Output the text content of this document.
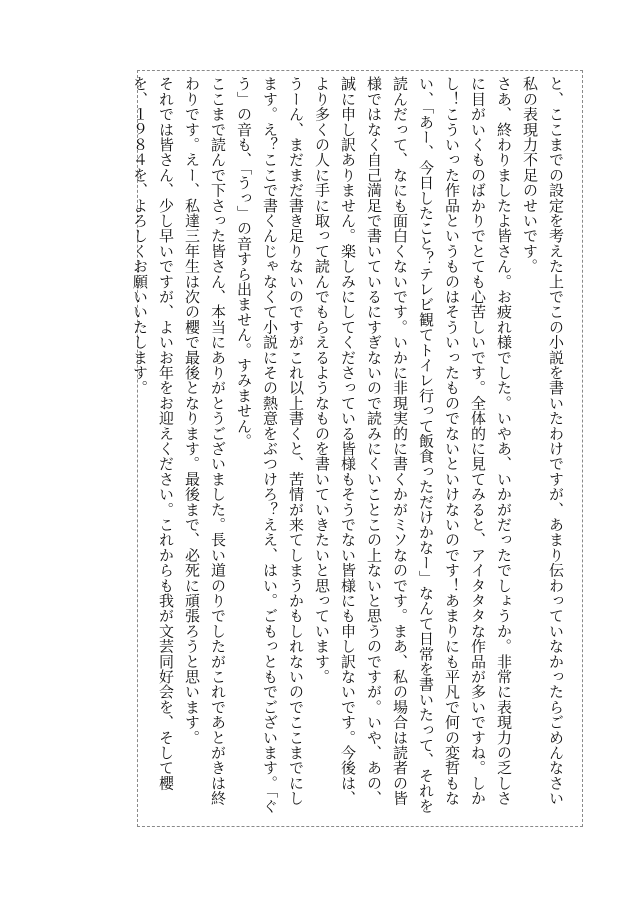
と、ここまでの設定を考えた上でこの小説を書いたわけですが、あまり伝わっていなかったらごめんなさい私の表現力不足のせいです。

さあ、終わりましたよ皆さん。お疲れ様でした。いやあ、いかがだったでしょうか。非常に表現力の乏しさに目がいくものばかりでとても心苦しいです。全体的に見てみると、アイタタタな作品が多いですね。しかし！こういった作品というものはそういったものでないといけないのです！あまりにも平凡で何の変哲もない、「あー、今日したこと？テレビ観てトイレ行って飯食っただけかなー」なんて日常を書いたって、それを読んだって、なにも面白くないです。いかに非現実的に書くかがミソなのです。まあ、私の場合は読者の皆様ではなく自己満足で書いているにすぎないので読みにくいことこの上ないと思うのですが。いや、あの、誠に申し訳ありません。楽しみにしてくださっている皆様もそうでない皆様にも申し訳ないです。今後は、より多くの人に手に取って読んでもらえるようなものを書いていきたいと思っています。

うーん、まだまだ書き足りないのですがこれ以上書くと、苦情が来てしまうかもしれないのでここまでにします。え？ここで書くんじゃなくて小説にその熱意をぶつけろ？ええ、はい。ごもっともでございます。「ぐう」の音も、「うっ」の音すら出ません。すみません。

ここまで読んで下さった皆さん、本当にありがとうございました。長い道のりでしたがこれであとがきは終わりです。えー、私達三年生は次の櫻で最後となります。最後まで、必死に頑張ろうと思います。

それでは皆さん、少し早いですが、よいお年をお迎えください。これからも我が文芸同好会を、そして櫻を、１９８４を、よろしくお願いいたします。
